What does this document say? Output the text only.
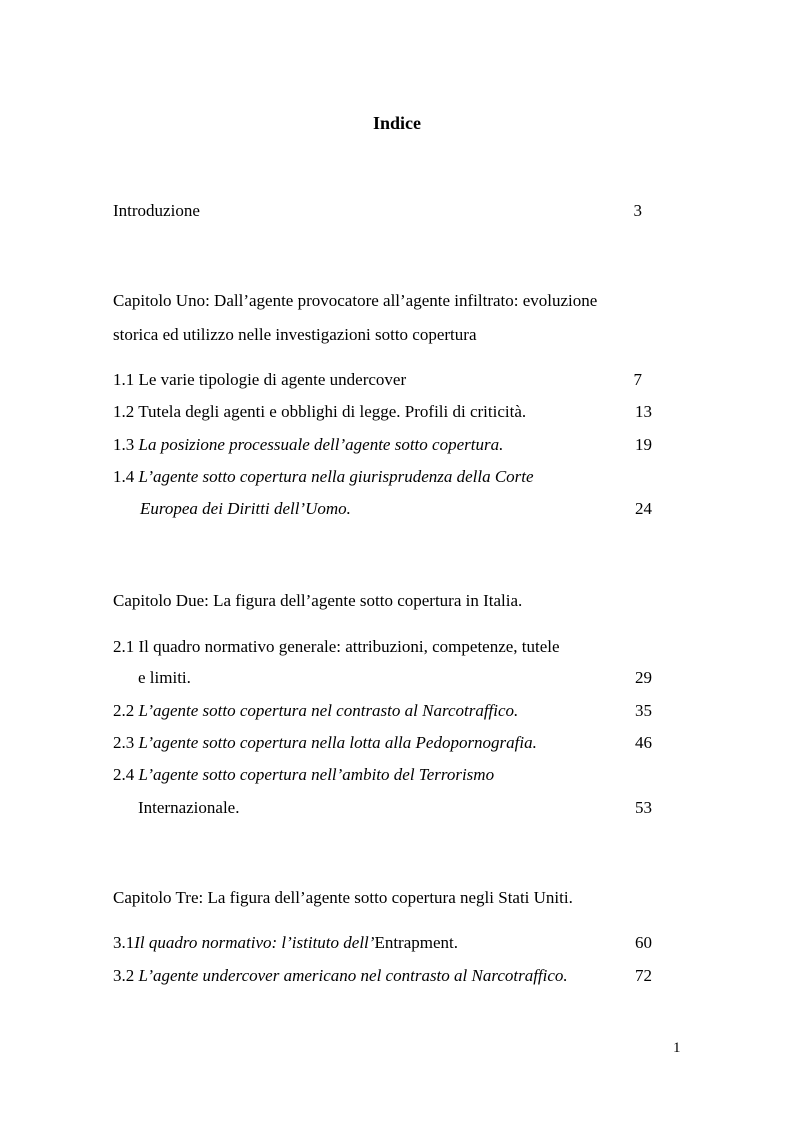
Indice
Introduzione	3
Capitolo Uno: Dall’agente provocatore all’agente infiltrato: evoluzione
storica ed utilizzo nelle investigazioni sotto copertura
1.1 Le varie tipologie di agente undercover	7
1.2 Tutela degli agenti e obblighi di legge. Profili di criticità.	13
1.3 La posizione processuale dell’agente sotto copertura.	19
1.4 L’agente sotto copertura nella giurisprudenza della Corte
Europea dei Diritti dell’Uomo.	24
Capitolo Due: La figura dell’agente sotto copertura in Italia.
2.1 Il quadro normativo generale: attribuzioni, competenze, tutele
e limiti.	29
2.2 L’agente sotto copertura nel contrasto al Narcotraffico.	35
2.3 L’agente sotto copertura nella lotta alla Pedopornografia.	46
2.4 L’agente sotto copertura nell’ambito del Terrorismo
Internazionale.	53
Capitolo Tre: La figura dell’agente sotto copertura negli Stati Uniti.
3.1Il quadro normativo: l’istituto dell’Entrapment.	60
3.2 L’agente undercover americano nel contrasto al Narcotraffico.	72
1
